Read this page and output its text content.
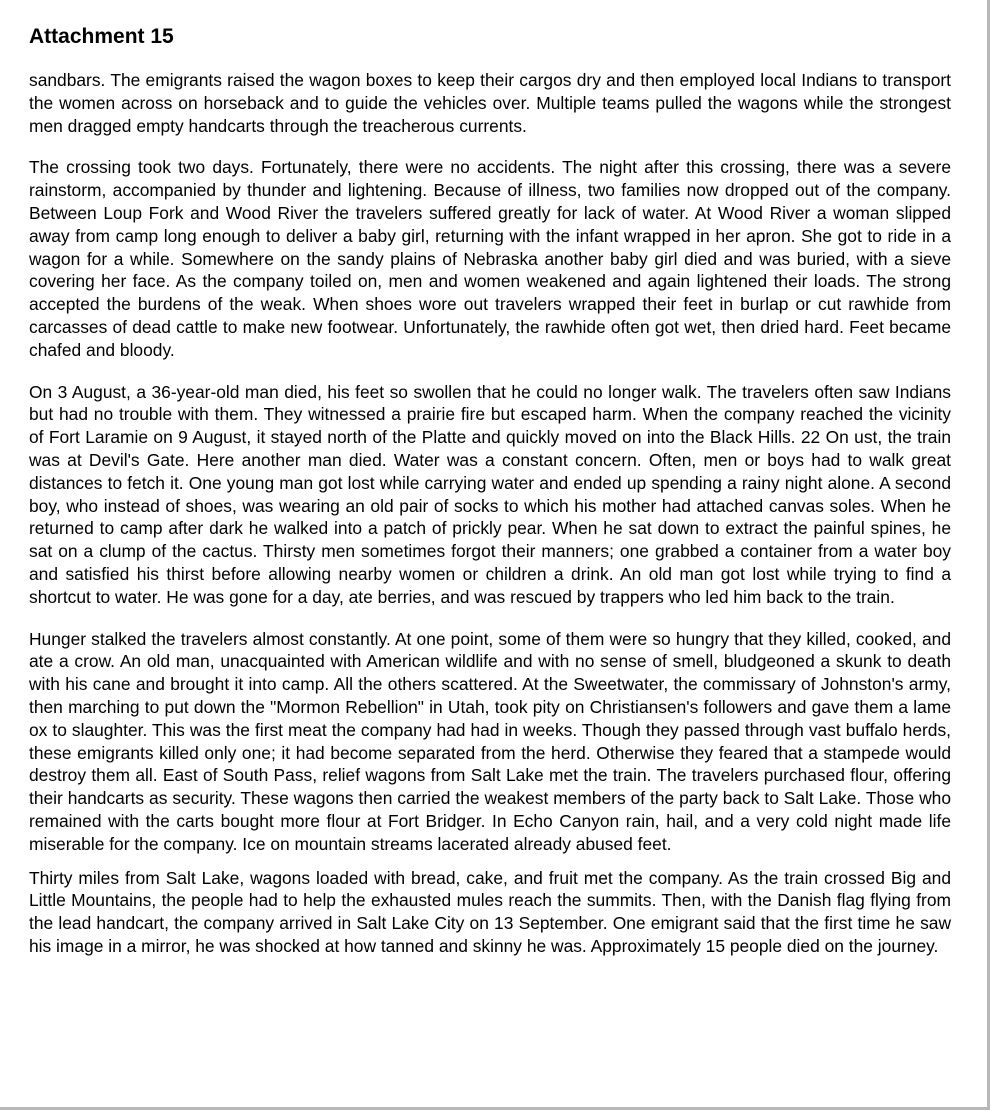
Attachment 15

sandbars. The emigrants raised the wagon boxes to keep their cargos dry and then employed local Indians to transport the women across on horseback and to guide the vehicles over. Multiple teams pulled the wagons while the strongest men dragged empty handcarts through the treacherous currents.

The crossing took two days. Fortunately, there were no accidents. The night after this crossing, there was a severe rainstorm, accompanied by thunder and lightening. Because of illness, two families now dropped out of the company. Between Loup Fork and Wood River the travelers suffered greatly for lack of water. At Wood River a woman slipped away from camp long enough to deliver a baby girl, returning with the infant wrapped in her apron. She got to ride in a wagon for a while. Somewhere on the sandy plains of Nebraska another baby girl died and was buried, with a sieve covering her face. As the company toiled on, men and women weakened and again lightened their loads. The strong accepted the burdens of the weak. When shoes wore out travelers wrapped their feet in burlap or cut rawhide from carcasses of dead cattle to make new footwear. Unfortunately, the rawhide often got wet, then dried hard. Feet became chafed and bloody.

On 3 August, a 36-year-old man died, his feet so swollen that he could no longer walk. The travelers often saw Indians but had no trouble with them. They witnessed a prairie fire but escaped harm. When the company reached the vicinity of Fort Laramie on 9 August, it stayed north of the Platte and quickly moved on into the Black Hills. 22 On ust, the train was at Devil's Gate. Here another man died. Water was a constant concern. Often, men or boys had to walk great distances to fetch it. One young man got lost while carrying water and ended up spending a rainy night alone. A second boy, who instead of shoes, was wearing an old pair of socks to which his mother had attached canvas soles. When he returned to camp after dark he walked into a patch of prickly pear. When he sat down to extract the painful spines, he sat on a clump of the cactus. Thirsty men sometimes forgot their manners; one grabbed a container from a water boy and satisfied his thirst before allowing nearby women or children a drink. An old man got lost while trying to find a shortcut to water. He was gone for a day, ate berries, and was rescued by trappers who led him back to the train.

Hunger stalked the travelers almost constantly. At one point, some of them were so hungry that they killed, cooked, and ate a crow. An old man, unacquainted with American wildlife and with no sense of smell, bludgeoned a skunk to death with his cane and brought it into camp. All the others scattered. At the Sweetwater, the commissary of Johnston's army, then marching to put down the "Mormon Rebellion" in Utah, took pity on Christiansen's followers and gave them a lame ox to slaughter. This was the first meat the company had had in weeks. Though they passed through vast buffalo herds, these emigrants killed only one; it had become separated from the herd. Otherwise they feared that a stampede would destroy them all. East of South Pass, relief wagons from Salt Lake met the train. The travelers purchased flour, offering their handcarts as security. These wagons then carried the weakest members of the party back to Salt Lake. Those who remained with the carts bought more flour at Fort Bridger. In Echo Canyon rain, hail, and a very cold night made life miserable for the company. Ice on mountain streams lacerated already abused feet.

Thirty miles from Salt Lake, wagons loaded with bread, cake, and fruit met the company. As the train crossed Big and Little Mountains, the people had to help the exhausted mules reach the summits. Then, with the Danish flag flying from the lead handcart, the company arrived in Salt Lake City on 13 September. One emigrant said that the first time he saw his image in a mirror, he was shocked at how tanned and skinny he was. Approximately 15 people died on the journey.
